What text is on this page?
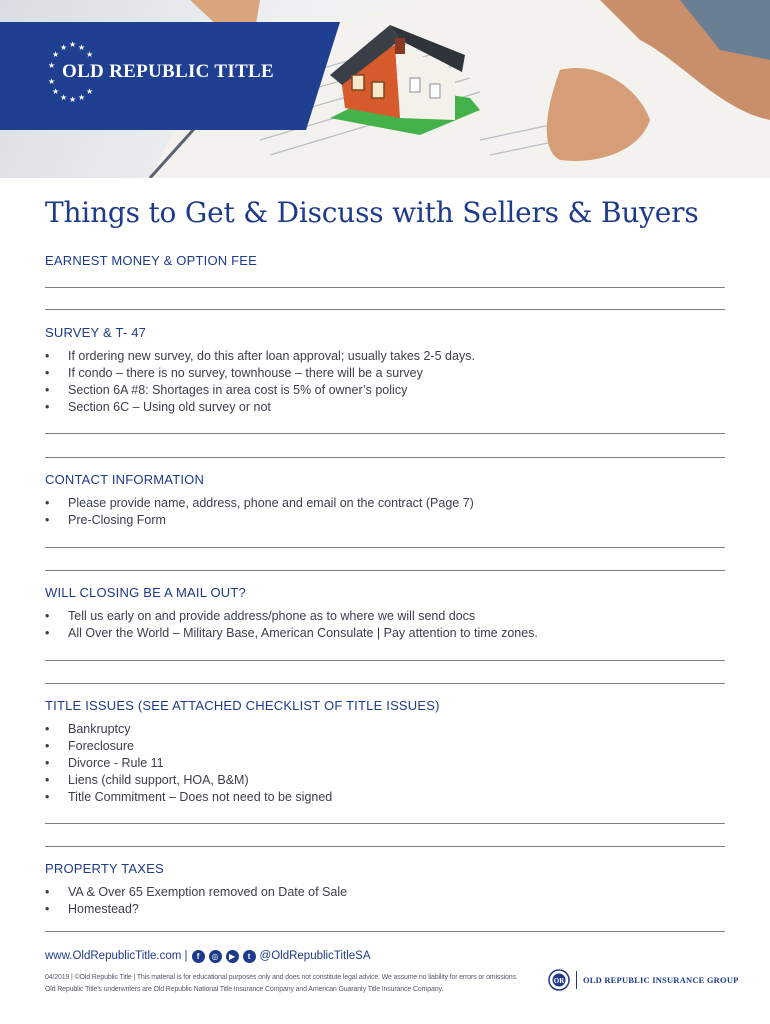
★ ★ ★
★	★
★
★
★	★
★ ★ ★
OLD REPUBLIC TITLE
Things to Get & Discuss with Sellers & Buyers
EARNEST MONEY & OPTION FEE
SURVEY & T- 47
• If ordering new survey, do this after loan approval; usually takes 2-5 days.
• If condo – there is no survey, townhouse – there will be a survey
• Section 6A #8: Shortages in area cost is 5% of owner’s policy
• Section 6C – Using old survey or not
CONTACT INFORMATION
• Please provide name, address, phone and email on the contract (Page 7)
• Pre-Closing Form
WILL CLOSING BE A MAIL OUT?
• Tell us early on and provide address/phone as to where we will send docs
• All Over the World – Military Base, American Consulate | Pay attention to time zones.
TITLE ISSUES (SEE ATTACHED CHECKLIST OF TITLE ISSUES)
• Bankruptcy
• Foreclosure
• Divorce - Rule 11
• Liens (child support, HOA, B&M)
• Title Commitment – Does not need to be signed
PROPERTY TAXES
• VA & Over 65 Exemption removed on Date of Sale
• Homestead?
www.OldRepublicTitle.com |	f	◎	▶	t @OldRepublicTitleSA
04/2019 | ©Old Republic Title | This material is for educational purposes only and does not constitute legal advice. We assume no liability for errors or omissions.
Old Republic Title’s underwriters are Old Republic National Title Insurance Company and American Guaranty Title Insurance Company.
OR OLD REPUBLIC INSURANCE GROUP
